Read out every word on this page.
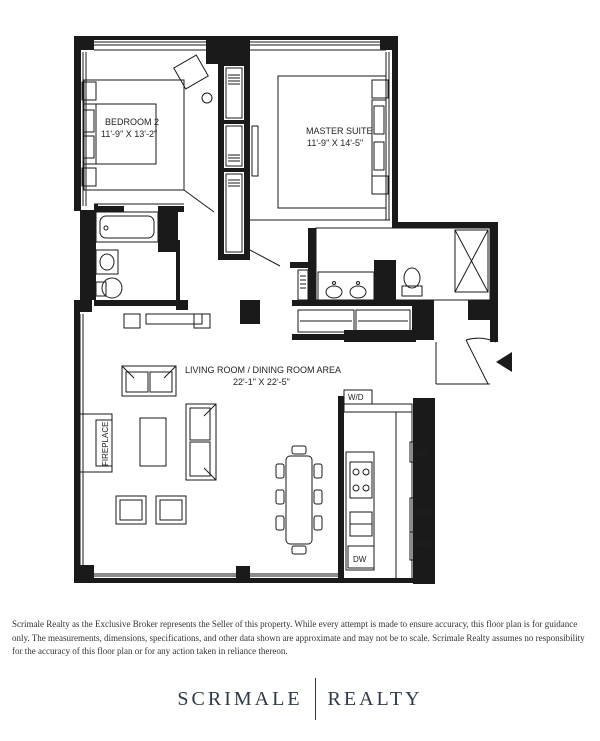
BEDROOM 2
11'-9" X 13'-2"	MASTER SUITE
11'-9" X 14'-5"
LIVING ROOM / DINING ROOM AREA
22'-1" X 22'-5"
FIREPLACE
W/D
WC
REF
PAN
DW

Scrimale Realty as the Exclusive Broker represents the Seller of this property. While every attempt is made to ensure accuracy, this floor plan is for guidance only. The measurements, dimensions, specifications, and other data shown are approximate and may not be to scale. Scrimale Realty assumes no responsibility for the accuracy of this floor plan or for any action taken in reliance thereon.

SCRIMALE REALTY
